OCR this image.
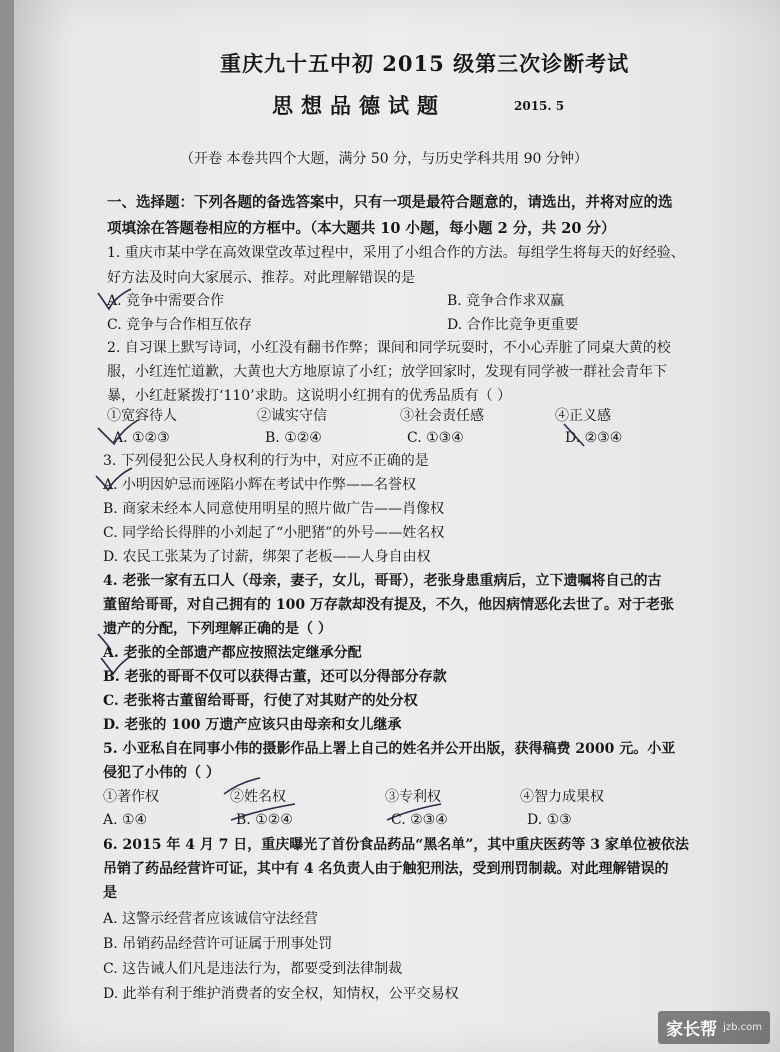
重庆九十五中初 2015 级第三次诊断考试
思想品德试题	2015. 5
（开卷 本卷共四个大题，满分 50 分，与历史学科共用 90 分钟）
一、选择题：下列各题的备选答案中，只有一项是最符合题意的，请选出，并将对应的选
项填涂在答题卷相应的方框中。（本大题共 10 小题，每小题 2 分，共 20 分）
1. 重庆市某中学在高效课堂改革过程中，采用了小组合作的方法。每组学生将每天的好经验、
好方法及时向大家展示、推荐。对此理解错误的是
A. 竞争中需要合作	B. 竞争合作求双赢
C. 竞争与合作相互依存	D. 合作比竞争更重要
2. 自习课上默写诗词，小红没有翻书作弊；课间和同学玩耍时，不小心弄脏了同桌大黄的校
服，小红连忙道歉，大黄也大方地原谅了小红；放学回家时，发现有同学被一群社会青年下
暴，小红赶紧拨打‘110’求助。这说明小红拥有的优秀品质有（ ）
①宽容待人	②诚实守信	③社会责任感	④正义感
A. ①②③	B. ①②④	C. ①③④	D. ②③④
3. 下列侵犯公民人身权利的行为中，对应不正确的是
A. 小明因妒忌而诬陷小辉在考试中作弊——名誉权
B. 商家未经本人同意使用明星的照片做广告——肖像权
C. 同学给长得胖的小刘起了“小肥猪”的外号——姓名权
D. 农民工张某为了讨薪，绑架了老板——人身自由权
4. 老张一家有五口人（母亲，妻子，女儿，哥哥），老张身患重病后，立下遗嘱将自己的古
董留给哥哥，对自己拥有的 100 万存款却没有提及，不久，他因病情恶化去世了。对于老张
遗产的分配，下列理解正确的是（ ）
A. 老张的全部遗产都应按照法定继承分配
B. 老张的哥哥不仅可以获得古董，还可以分得部分存款
C. 老张将古董留给哥哥，行使了对其财产的处分权
D. 老张的 100 万遗产应该只由母亲和女儿继承
5. 小亚私自在同事小伟的摄影作品上署上自己的姓名并公开出版，获得稿费 2000 元。小亚
侵犯了小伟的（ ）
①著作权	②姓名权	③专利权	④智力成果权
A. ①④	B. ①②④	C. ②③④	D. ①③
6. 2015 年 4 月 7 日，重庆曝光了首份食品药品“黑名单”，其中重庆医药等 3 家单位被依法
吊销了药品经营许可证，其中有 4 名负责人由于触犯刑法，受到刑罚制裁。对此理解错误的
是
A. 这警示经营者应该诚信守法经营
B. 吊销药品经营许可证属于刑事处罚
C. 这告诫人们凡是违法行为，都要受到法律制裁
D. 此举有利于维护消费者的安全权，知情权，公平交易权
家长帮 jzb.com
